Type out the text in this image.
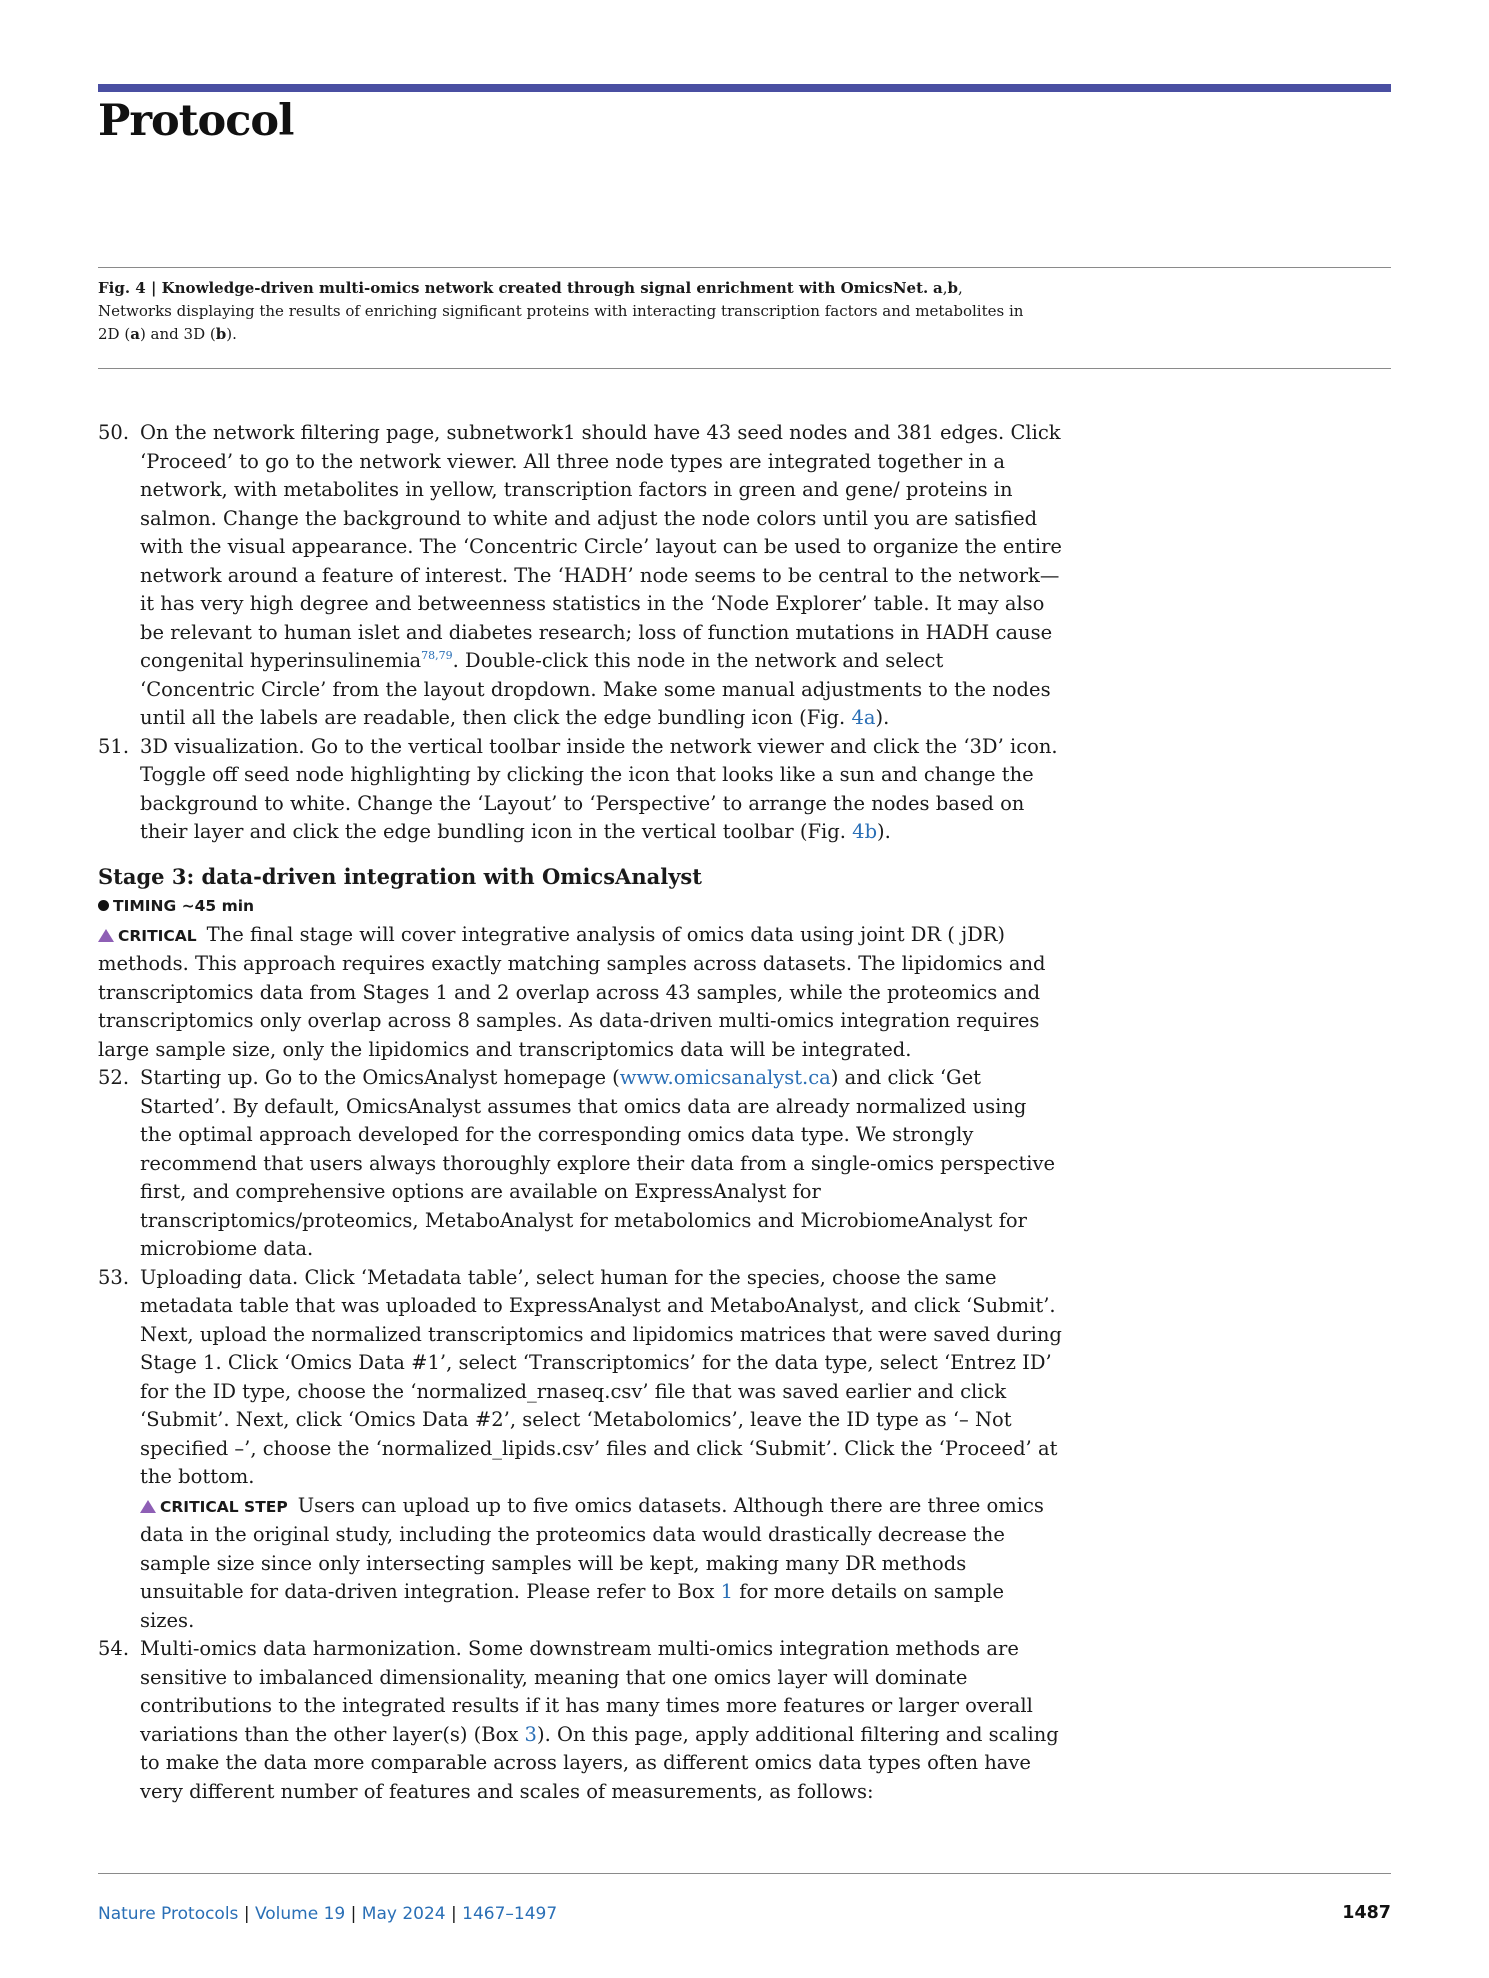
Protocol

Fig. 4 | Knowledge-driven multi-omics network created through signal enrichment with OmicsNet. a,b, Networks displaying the results of enriching significant proteins with interacting transcription factors and metabolites in 2D (a) and 3D (b).

50. On the network filtering page, subnetwork1 should have 43 seed nodes and 381 edges. Click ‘Proceed’ to go to the network viewer. All three node types are integrated together in a network, with metabolites in yellow, transcription factors in green and gene/ proteins in salmon. Change the background to white and adjust the node colors until you are satisfied with the visual appearance. The ‘Concentric Circle’ layout can be used to organize the entire network around a feature of interest. The ‘HADH’ node seems to be central to the network—it has very high degree and betweenness statistics in the ‘Node Explorer’ table. It may also be relevant to human islet and diabetes research; loss of function mutations in HADH cause congenital hyperinsulinemia$^{78,79}$. Double-click this node in the network and select ‘Concentric Circle’ from the layout dropdown. Make some manual adjustments to the nodes until all the labels are readable, then click the edge bundling icon (Fig. 4a).
51. 3D visualization. Go to the vertical toolbar inside the network viewer and click the ‘3D’ icon. Toggle off seed node highlighting by clicking the icon that looks like a sun and change the background to white. Change the ‘Layout’ to ‘Perspective’ to arrange the nodes based on their layer and click the edge bundling icon in the vertical toolbar (Fig. 4b).
Stage 3: data-driven integration with OmicsAnalyst
TIMING ~45 min
CRITICAL The final stage will cover integrative analysis of omics data using joint DR ( jDR) methods. This approach requires exactly matching samples across datasets. The lipidomics and transcriptomics data from Stages 1 and 2 overlap across 43 samples, while the proteomics and transcriptomics only overlap across 8 samples. As data-driven multi-omics integration requires large sample size, only the lipidomics and transcriptomics data will be integrated.
52. Starting up. Go to the OmicsAnalyst homepage (www.omicsanalyst.ca) and click ‘Get Started’. By default, OmicsAnalyst assumes that omics data are already normalized using the optimal approach developed for the corresponding omics data type. We strongly recommend that users always thoroughly explore their data from a single-omics perspective first, and comprehensive options are available on ExpressAnalyst for transcriptomics/proteomics, MetaboAnalyst for metabolomics and MicrobiomeAnalyst for microbiome data.
53. Uploading data. Click ‘Metadata table’, select human for the species, choose the same metadata table that was uploaded to ExpressAnalyst and MetaboAnalyst, and click ‘Submit’. Next, upload the normalized transcriptomics and lipidomics matrices that were saved during Stage 1. Click ‘Omics Data #1’, select ‘Transcriptomics’ for the data type, select ‘Entrez ID’ for the ID type, choose the ‘normalized_rnaseq.csv’ file that was saved earlier and click ‘Submit’. Next, click ‘Omics Data #2’, select ‘Metabolomics’, leave the ID type as ‘– Not specified –’, choose the ‘normalized_lipids.csv’ files and click ‘Submit’. Click the ‘Proceed’ at the bottom.
CRITICAL STEP Users can upload up to five omics datasets. Although there are three omics data in the original study, including the proteomics data would drastically decrease the sample size since only intersecting samples will be kept, making many DR methods unsuitable for data-driven integration. Please refer to Box 1 for more details on sample sizes.
54. Multi-omics data harmonization. Some downstream multi-omics integration methods are sensitive to imbalanced dimensionality, meaning that one omics layer will dominate contributions to the integrated results if it has many times more features or larger overall variations than the other layer(s) (Box 3). On this page, apply additional filtering and scaling to make the data more comparable across layers, as different omics data types often have very different number of features and scales of measurements, as follows:
Nature Protocols | Volume 19 | May 2024 | 1467–1497	1487
